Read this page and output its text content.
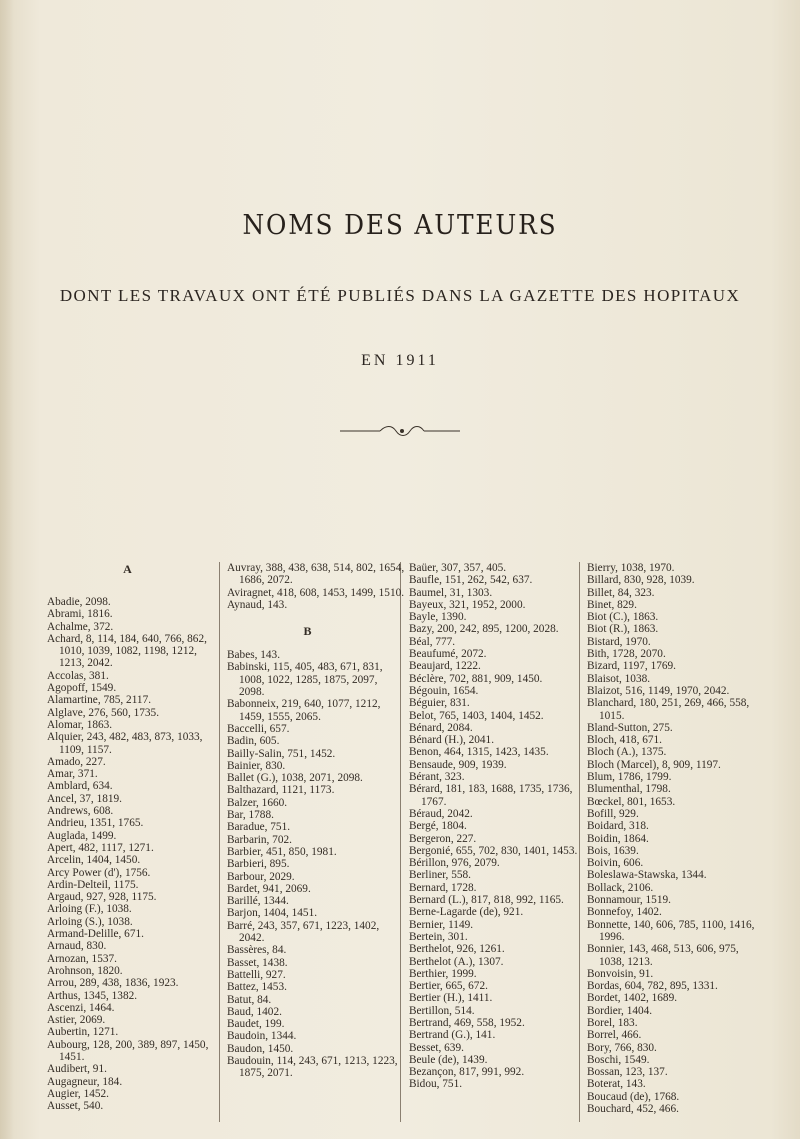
NOMS DES AUTEURS
DONT LES TRAVAUX ONT ÉTÉ PUBLIÉS DANS LA GAZETTE DES HOPITAUX
EN 1911
A
Abadie, 2098.
Abrami, 1816.
Achalme, 372.
Achard, 8, 114, 184, 640, 766, 862, 1010, 1039, 1082, 1198, 1212, 1213, 2042.
Accolas, 381.
Agopoff, 1549.
Alamartine, 785, 2117.
Alglave, 276, 560, 1735.
Alomar, 1863.
Alquier, 243, 482, 483, 873, 1033, 1109, 1157.
Amado, 227.
Amar, 371.
Amblard, 634.
Ancel, 37, 1819.
Andrews, 608.
Andrieu, 1351, 1765.
Auglada, 1499.
Apert, 482, 1117, 1271.
Arcelin, 1404, 1450.
Arcy Power (d'), 1756.
Ardin-Delteil, 1175.
Argaud, 927, 928, 1175.
Arloing (F.), 1038.
Arloing (S.), 1038.
Armand-Delille, 671.
Arnaud, 830.
Arnozan, 1537.
Arohnson, 1820.
Arrou, 289, 438, 1836, 1923.
Arthus, 1345, 1382.
Ascenzi, 1464.
Astier, 2069.
Aubertin, 1271.
Aubourg, 128, 200, 389, 897, 1450, 1451.
Audibert, 91.
Augagneur, 184.
Augier, 1452.
Ausset, 540.
Auvray, 388, 438, 638, 514, 802, 1654, 1686, 2072.
Aviragnet, 418, 608, 1453, 1499, 1510.
Aynaud, 143.
B
Babes, 143.
Babinski, 115, 405, 483, 671, 831, 1008, 1022, 1285, 1875, 2097, 2098.
Babonneix, 219, 640, 1077, 1212, 1459, 1555, 2065.
Baccelli, 657.
Badin, 605.
Bailly-Salin, 751, 1452.
Bainier, 830.
Ballet (G.), 1038, 2071, 2098.
Balthazard, 1121, 1173.
Balzer, 1660.
Bar, 1788.
Baradue, 751.
Barbarin, 702.
Barbier, 451, 850, 1981.
Barbieri, 895.
Barbour, 2029.
Bardet, 941, 2069.
Barillé, 1344.
Barjon, 1404, 1451.
Barré, 243, 357, 671, 1223, 1402, 2042.
Bassères, 84.
Basset, 1438.
Battelli, 927.
Battez, 1453.
Batut, 84.
Baud, 1402.
Baudet, 199.
Baudoin, 1344.
Baudon, 1450.
Baudouin, 114, 243, 671, 1213, 1223, 1875, 2071.
Baüer, 307, 357, 405.
Baufle, 151, 262, 542, 637.
Baumel, 31, 1303.
Bayeux, 321, 1952, 2000.
Bayle, 1390.
Bazy, 200, 242, 895, 1200, 2028.
Béal, 777.
Beaufumé, 2072.
Beaujard, 1222.
Béclère, 702, 881, 909, 1450.
Bégouin, 1654.
Béguier, 831.
Belot, 765, 1403, 1404, 1452.
Bénard, 2084.
Bénard (H.), 2041.
Benon, 464, 1315, 1423, 1435.
Bensaude, 909, 1939.
Bérant, 323.
Bérard, 181, 183, 1688, 1735, 1736, 1767.
Béraud, 2042.
Bergé, 1804.
Bergeron, 227.
Bergonié, 655, 702, 830, 1401, 1453.
Bérillon, 976, 2079.
Berliner, 558.
Bernard, 1728.
Bernard (L.), 817, 818, 992, 1165.
Berne-Lagarde (de), 921.
Bernier, 1149.
Bertein, 301.
Berthelot, 926, 1261.
Berthelot (A.), 1307.
Berthier, 1999.
Bertier, 665, 672.
Bertier (H.), 1411.
Bertillon, 514.
Bertrand, 469, 558, 1952.
Bertrand (G.), 141.
Besset, 639.
Beule (de), 1439.
Bezançon, 817, 991, 992.
Bidou, 751.
Bierry, 1038, 1970.
Billard, 830, 928, 1039.
Billet, 84, 323.
Binet, 829.
Biot (C.), 1863.
Biot (R.), 1863.
Bistard, 1970.
Bith, 1728, 2070.
Bizard, 1197, 1769.
Blaisot, 1038.
Blaizot, 516, 1149, 1970, 2042.
Blanchard, 180, 251, 269, 466, 558, 1015.
Bland-Sutton, 275.
Bloch, 418, 671.
Bloch (A.), 1375.
Bloch (Marcel), 8, 909, 1197.
Blum, 1786, 1799.
Blumenthal, 1798.
Bœckel, 801, 1653.
Bofill, 929.
Boidard, 318.
Boidin, 1864.
Bois, 1639.
Boivin, 606.
Boleslawa-Stawska, 1344.
Bollack, 2106.
Bonnamour, 1519.
Bonnefoy, 1402.
Bonnette, 140, 606, 785, 1100, 1416, 1996.
Bonnier, 143, 468, 513, 606, 975, 1038, 1213.
Bonvoisin, 91.
Bordas, 604, 782, 895, 1331.
Bordet, 1402, 1689.
Bordier, 1404.
Borel, 183.
Borrel, 466.
Bory, 766, 830.
Boschi, 1549.
Bossan, 123, 137.
Boterat, 143.
Boucaud (de), 1768.
Bouchard, 452, 466.
